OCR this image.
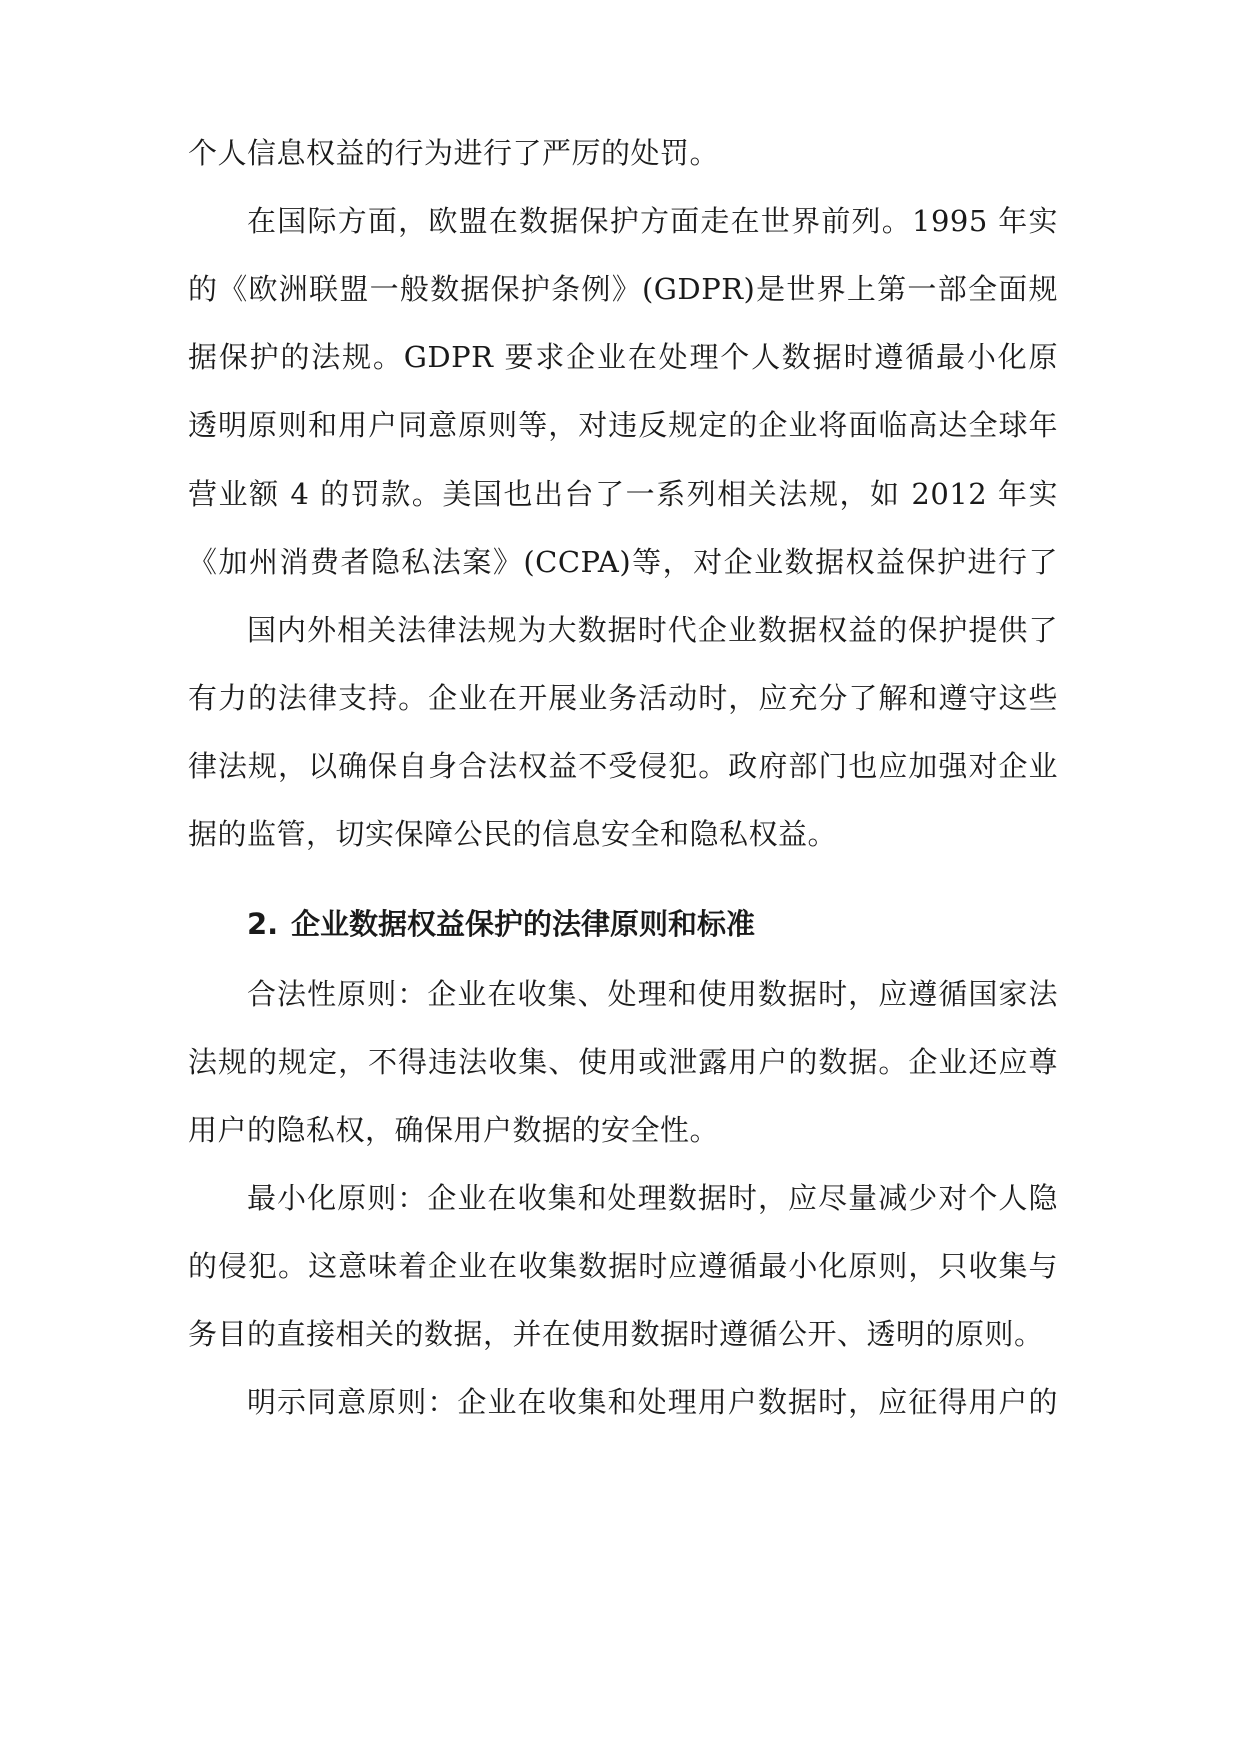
个人信息权益的行为进行了严厉的处罚。
在国际方面，欧盟在数据保护方面走在世界前列。1995 年实
的《欧洲联盟一般数据保护条例》(GDPR)是世界上第一部全面规
据保护的法规。GDPR 要求企业在处理个人数据时遵循最小化原
透明原则和用户同意原则等，对违反规定的企业将面临高达全球年
营业额 4 的罚款。美国也出台了一系列相关法规，如 2012 年实
《加州消费者隐私法案》(CCPA)等，对企业数据权益保护进行了
国内外相关法律法规为大数据时代企业数据权益的保护提供了
有力的法律支持。企业在开展业务活动时，应充分了解和遵守这些
律法规，以确保自身合法权益不受侵犯。政府部门也应加强对企业
据的监管，切实保障公民的信息安全和隐私权益。
2. 企业数据权益保护的法律原则和标准
合法性原则：企业在收集、处理和使用数据时，应遵循国家法
法规的规定，不得违法收集、使用或泄露用户的数据。企业还应尊
用户的隐私权，确保用户数据的安全性。
最小化原则：企业在收集和处理数据时，应尽量减少对个人隐
的侵犯。这意味着企业在收集数据时应遵循最小化原则，只收集与
务目的直接相关的数据，并在使用数据时遵循公开、透明的原则。
明示同意原则：企业在收集和处理用户数据时，应征得用户的
